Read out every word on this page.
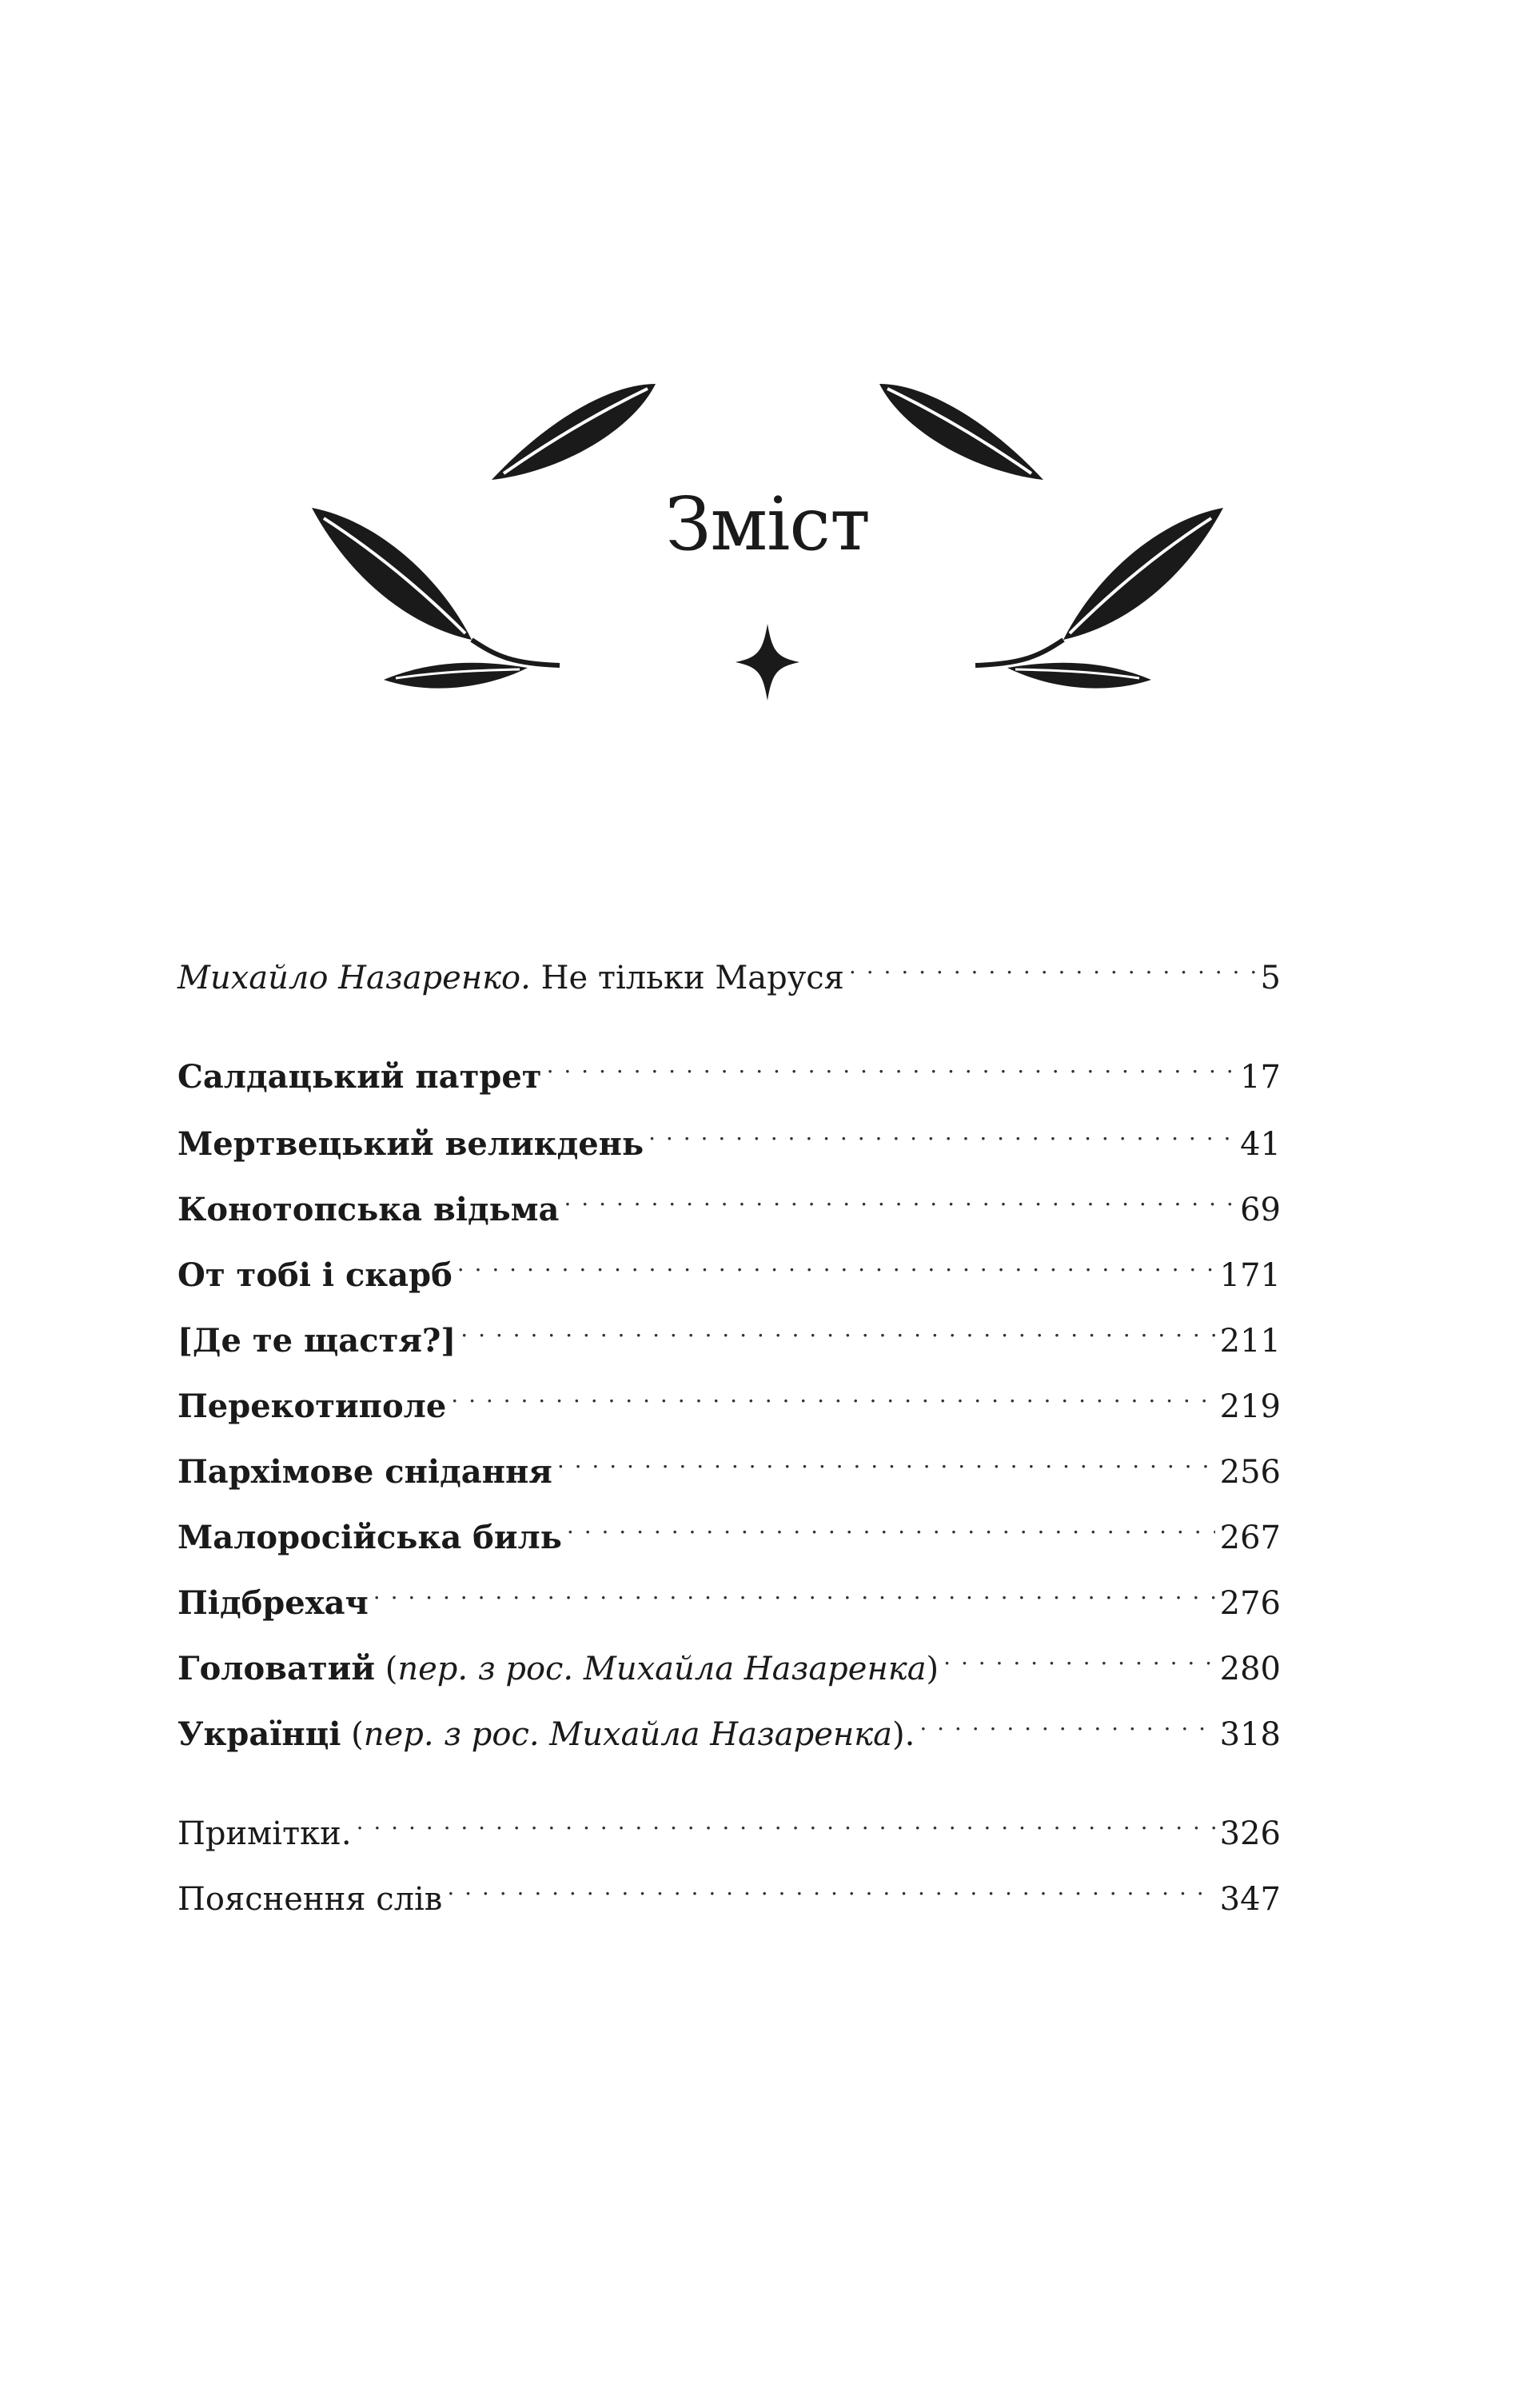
Зміст
Михайло Назаренко. Не тільки Маруся . . .	5
Салдацький патрет . . .	17
Мертвецький великдень . . .	41
Конотопська відьма . . .	69
От тобі і скарб . . .	171
[Де те щастя?] . . .	211
Перекотиполе . . .	219
Пархімове снідання . . .	256
Малоросійська биль . . .	267
Підбрехач . . .	276
Головатий (пер. з рос. Михайла Назаренка) . . .	280
Українці (пер. з рос. Михайла Назаренка). . . .	318
Примітки. . . .	326
Пояснення слів . . .	347
